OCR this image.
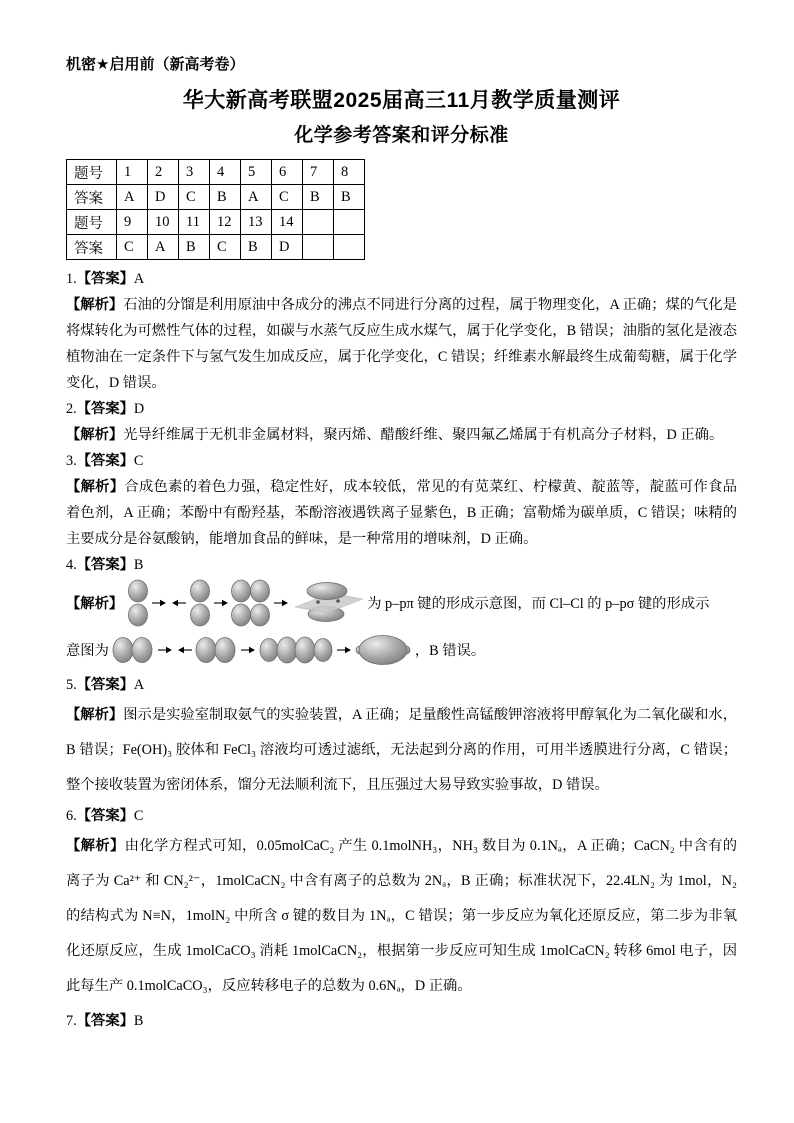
机密★启用前（新高考卷）
华大新高考联盟2025届高三11月教学质量测评
化学参考答案和评分标准
题号	1	2	3	4	5	6	7	8
答案	A	D	C	B	A	C	B	B
题号	9	10	11	12	13	14		
答案	C	A	B	C	B	D		
1.【答案】A
【解析】石油的分馏是利用原油中各成分的沸点不同进行分离的过程，属于物理变化，A 正确；煤的气化是将煤转化为可燃性气体的过程，如碳与水蒸气反应生成水煤气，属于化学变化，B 错误；油脂的氢化是液态植物油在一定条件下与氢气发生加成反应，属于化学变化，C 错误；纤维素水解最终生成葡萄糖，属于化学变化，D 错误。
2.【答案】D
【解析】光导纤维属于无机非金属材料，聚丙烯、醋酸纤维、聚四氟乙烯属于有机高分子材料，D 正确。
3.【答案】C
【解析】合成色素的着色力强，稳定性好，成本较低，常见的有苋菜红、柠檬黄、靛蓝等，靛蓝可作食品着色剂，A 正确；苯酚中有酚羟基，苯酚溶液遇铁离子显紫色，B 正确；富勒烯为碳单质，C 错误；味精的主要成分是谷氨酸钠，能增加食品的鲜味，是一种常用的增味剂，D 正确。
4.【答案】B
【解析】	为 p–pπ 键的形成示意图，而 Cl–Cl 的 p–pσ 键的形成示
意图为	，B 错误。
5.【答案】A
【解析】图示是实验室制取氨气的实验装置，A 正确；足量酸性高锰酸钾溶液将甲醇氧化为二氧化碳和水，B 错误；Fe(OH)₃ 胶体和 FeCl₃ 溶液均可透过滤纸，无法起到分离的作用，可用半透膜进行分离，C 错误；整个接收装置为密闭体系，馏分无法顺利流下，且压强过大易导致实验事故，D 错误。
6.【答案】C
【解析】由化学方程式可知，0.05molCaC₂ 产生 0.1molNH₃，NH₃ 数目为 0.1Nₐ，A 正确；CaCN₂ 中含有的离子为 Ca²⁺ 和 CN₂²⁻，1molCaCN₂ 中含有离子的总数为 2Nₐ，B 正确；标准状况下，22.4LN₂ 为 1mol，N₂ 的结构式为 N≡N，1molN₂ 中所含 σ 键的数目为 1Nₐ，C 错误；第一步反应为氧化还原反应，第二步为非氧化还原反应，生成 1molCaCO₃ 消耗 1molCaCN₂，根据第一步反应可知生成 1molCaCN₂ 转移 6mol 电子，因此每生产 0.1molCaCO₃，反应转移电子的总数为 0.6Nₐ，D 正确。
7.【答案】B
